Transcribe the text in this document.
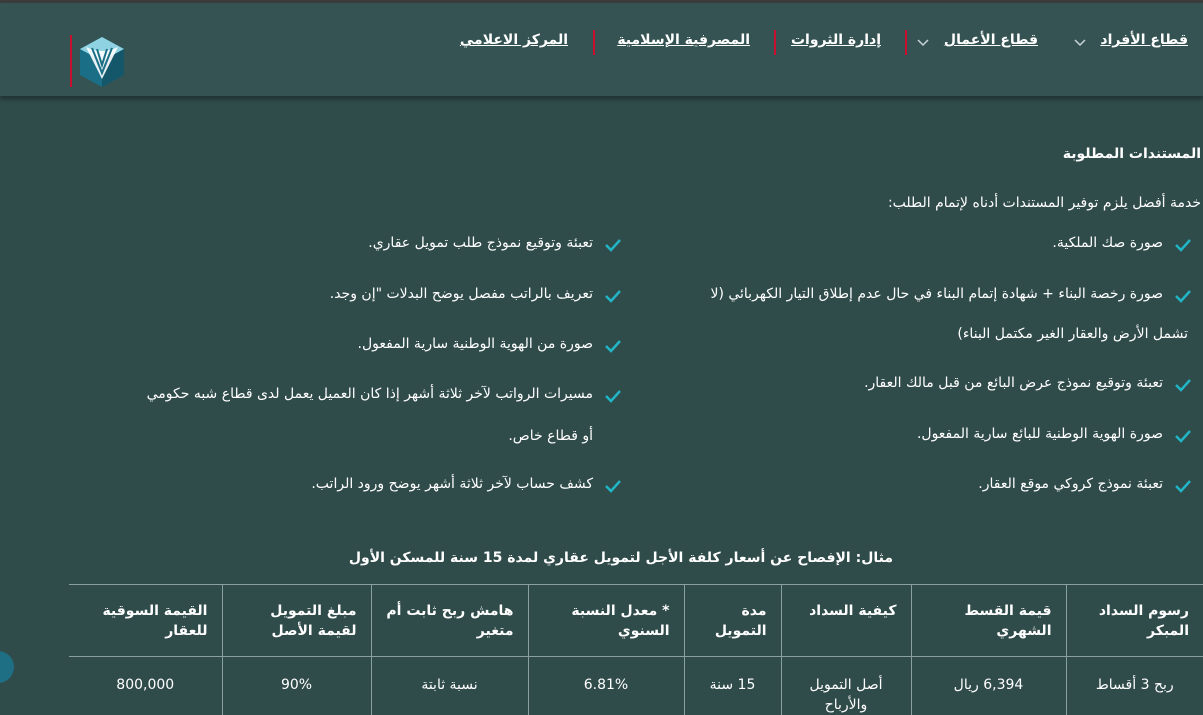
قطاع الأفراد
قطاع الأعمال
إدارة الثروات
المصرفية الإسلامية
المركز الاعلامي
المستندات المطلوبة
خدمة أفضل يلزم توفير المستندات أدناه لإتمام الطلب:
صورة صك الملكية.
صورة رخصة البناء + شهادة إتمام البناء في حال عدم إطلاق التيار الكهربائي (لا
تشمل الأرض والعقار الغير مكتمل البناء)
تعبئة وتوقيع نموذج عرض البائع من قبل مالك العقار.
صورة الهوية الوطنية للبائع سارية المفعول.
تعبئة نموذج كروكي موقع العقار.
تعبئة وتوقيع نموذج طلب تمويل عقاري.
تعريف بالراتب مفصل يوضح البدلات "إن وجد.
صورة من الهوية الوطنية سارية المفعول.
مسيرات الرواتب لآخر ثلاثة أشهر إذا كان العميل يعمل لدى قطاع شبه حكومي
أو قطاع خاص.
كشف حساب لآخر ثلاثة أشهر يوضح ورود الراتب.
مثال: الإفصاح عن أسعار كلفة الأجل لتمويل عقاري لمدة 15 سنة للمسكن الأول
رسوم السداد المبكر	قيمة القسط الشهري	كيفية السداد	مدة التمويل	* معدل النسبة السنوي	هامش ربح ثابت أم متغير	مبلغ التمويل لقيمة الأصل	القيمة السوقية للعقار
ربح 3 أقساط	6,394 ريال	أصل التمويل والأرباح	15 سنة	6.81%	نسبة ثابتة	90%	800,000
